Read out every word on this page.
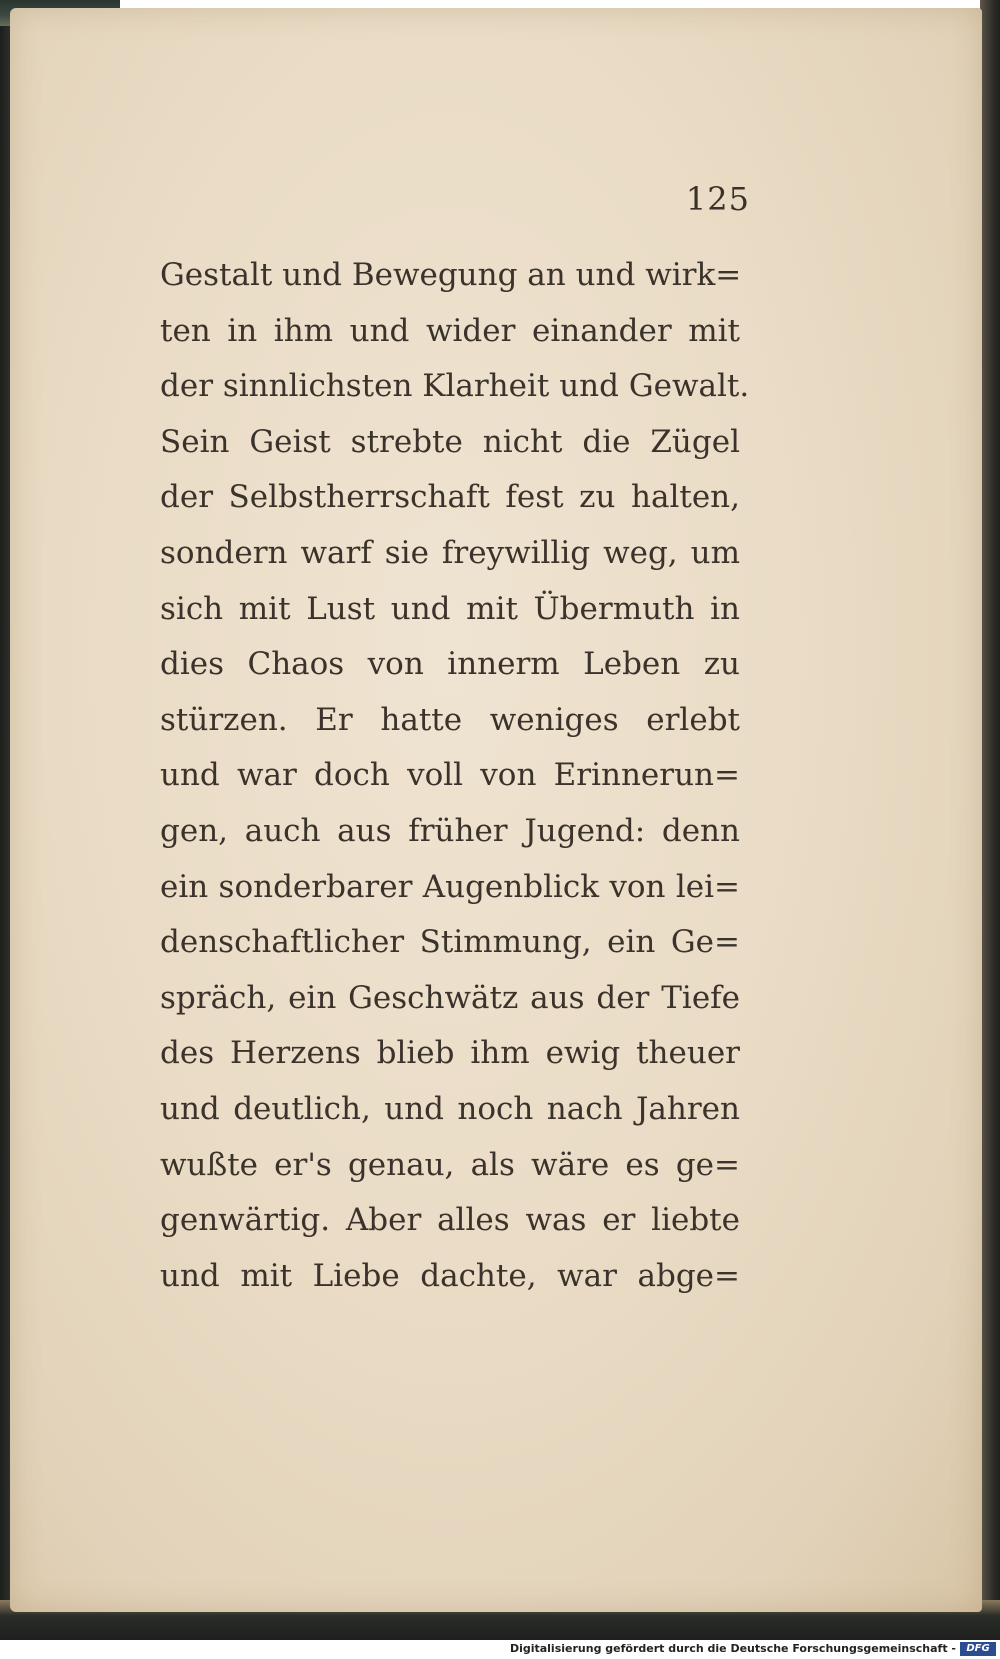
125
Gestalt und Bewegung an und wirk=
ten in ihm und wider einander mit
der sinnlichsten Klarheit und Gewalt.
Sein Geist strebte nicht die Zügel
der Selbstherrschaft fest zu halten,
sondern warf sie freywillig weg, um
sich mit Lust und mit Übermuth in
dies Chaos von innerm Leben zu
stürzen. Er hatte weniges erlebt
und war doch voll von Erinnerun=
gen, auch aus früher Jugend: denn
ein sonderbarer Augenblick von lei=
denschaftlicher Stimmung, ein Ge=
spräch, ein Geschwätz aus der Tiefe
des Herzens blieb ihm ewig theuer
und deutlich, und noch nach Jahren
wußte er's genau, als wäre es ge=
genwärtig. Aber alles was er liebte
und mit Liebe dachte, war abge=
Digitalisierung gefördert durch die Deutsche Forschungsgemeinschaft -	DFG
